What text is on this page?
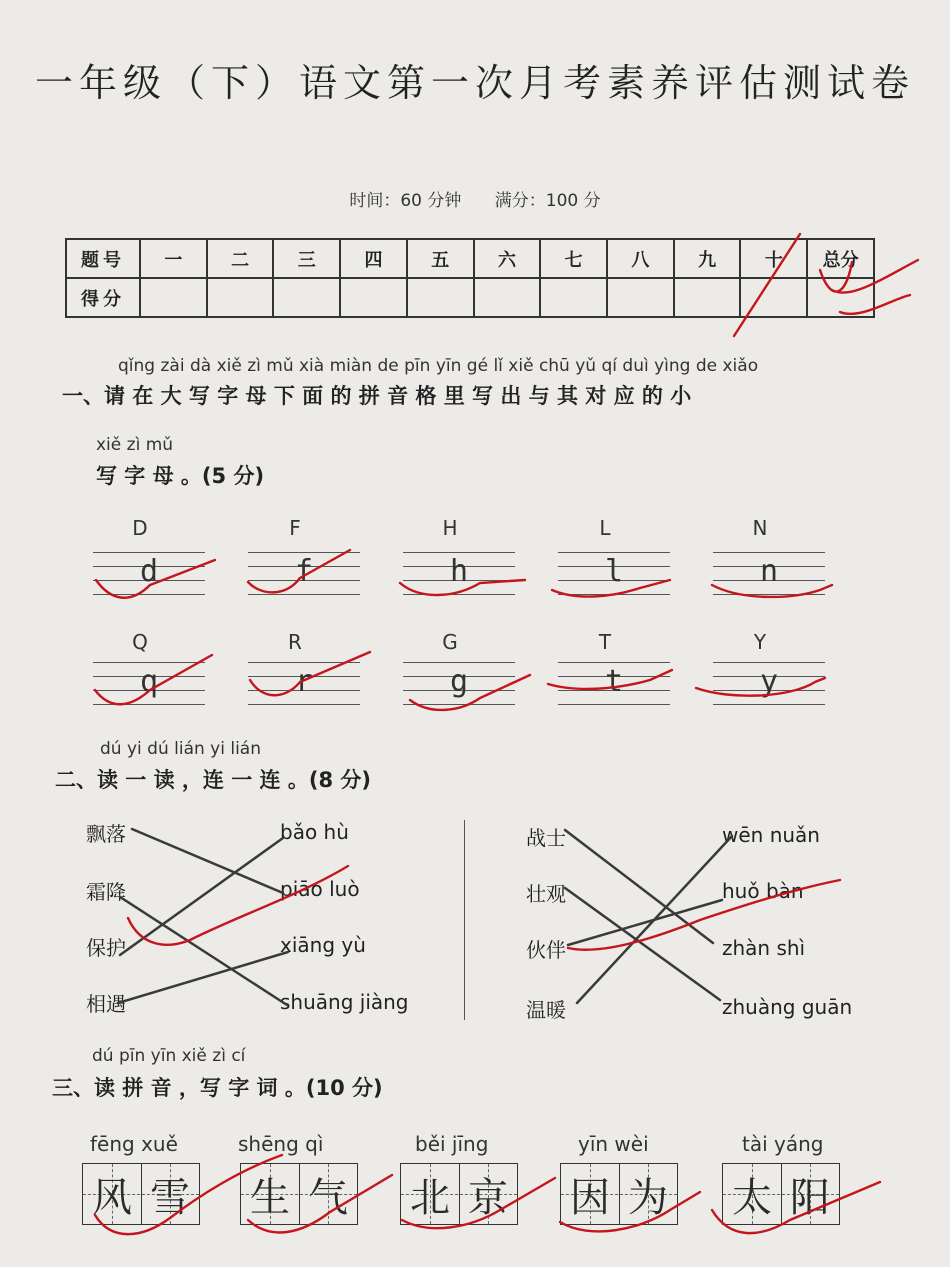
一年级（下）语文第一次月考素养评估测试卷
时间：60 分钟 满分：100 分
题号	一	二	三	四	五	六	七	八	九	十	总分
得分											
qǐng zài dà xiě zì mǔ xià miàn de pīn yīn gé lǐ xiě chū yǔ qí duì yìng de xiǎo
一、请 在 大 写 字 母 下 面 的 拼 音 格 里 写 出 与 其 对 应 的 小
xiě zì mǔ
写 字 母 。(5 分)
D
d
F
f
H
h
L
l
N
n
Q
q
R
r
G
g
T
t
Y
y
dú yi dú lián yi lián
二、读 一 读 ，连 一 连 。(8 分)
飘落
霜降
保护
相遇
bǎo hù
piāo luò
xiāng yù
shuāng jiàng
战士
壮观
伙伴
温暖
wēn nuǎn
huǒ bàn
zhàn shì
zhuàng guān
dú pīn yīn xiě zì cí
三、读 拼 音 ，写 字 词 。(10 分)
fēng xuě
风 雪
shēng qì
生 气
běi jīng
北 京
yīn wèi
因 为
tài yáng
太 阳
